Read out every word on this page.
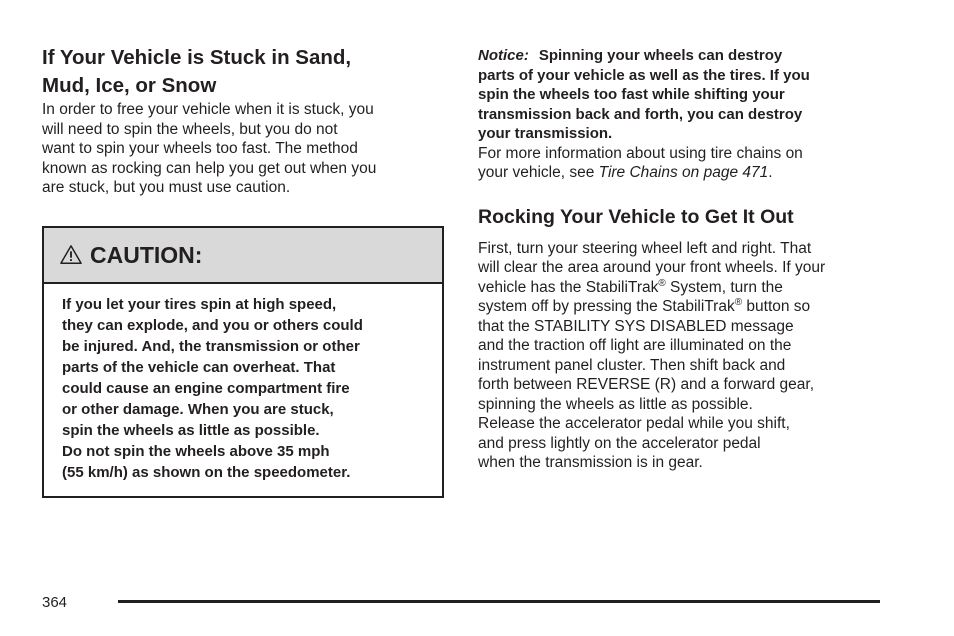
If Your Vehicle is Stuck in Sand,
Mud, Ice, or Snow

In order to free your vehicle when it is stuck, you
will need to spin the wheels, but you do not
want to spin your wheels too fast. The method
known as rocking can help you get out when you
are stuck, but you must use caution.

CAUTION:

If you let your tires spin at high speed,
they can explode, and you or others could
be injured. And, the transmission or other
parts of the vehicle can overheat. That
could cause an engine compartment fire
or other damage. When you are stuck,
spin the wheels as little as possible.
Do not spin the wheels above 35 mph
(55 km/h) as shown on the speedometer.

Notice: Spinning your wheels can destroy
parts of your vehicle as well as the tires. If you
spin the wheels too fast while shifting your
transmission back and forth, you can destroy
your transmission.

For more information about using tire chains on
your vehicle, see Tire Chains on page 471.

Rocking Your Vehicle to Get It Out

First, turn your steering wheel left and right. That
will clear the area around your front wheels. If your
vehicle has the StabiliTrak® System, turn the
system off by pressing the StabiliTrak® button so
that the STABILITY SYS DISABLED message
and the traction off light are illuminated on the
instrument panel cluster. Then shift back and
forth between REVERSE (R) and a forward gear,
spinning the wheels as little as possible.
Release the accelerator pedal while you shift,
and press lightly on the accelerator pedal
when the transmission is in gear.

364
